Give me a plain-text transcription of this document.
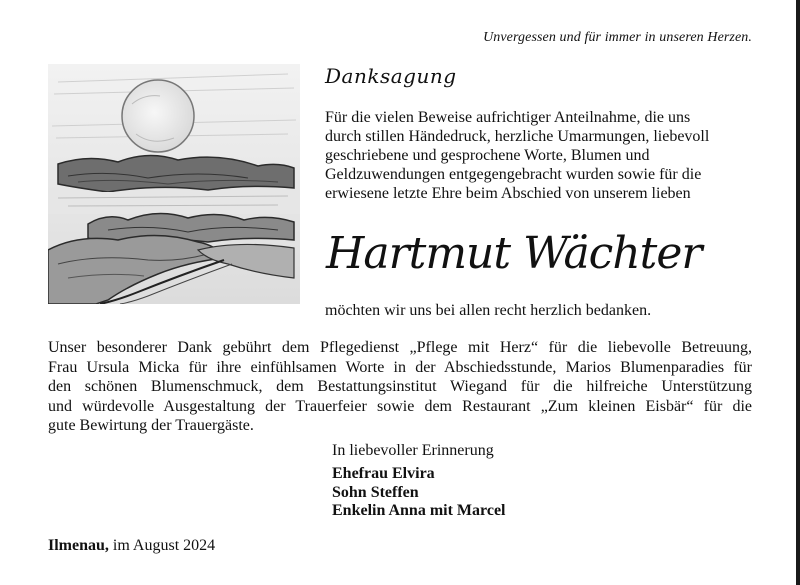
Unvergessen und für immer in unseren Herzen.
Danksagung
Für die vielen Beweise aufrichtiger Anteilnahme, die uns
durch stillen Händedruck, herzliche Umarmungen, liebevoll
geschriebene und gesprochene Worte, Blumen und
Geldzuwendungen entgegengebracht wurden sowie für die
erwiesene letzte Ehre beim Abschied von unserem lieben
Hartmut Wächter
möchten wir uns bei allen recht herzlich bedanken.
Unser besonderer Dank gebührt dem Pflegedienst „Pflege mit Herz“ für die liebevolle Betreuung,
Frau Ursula Micka für ihre einfühlsamen Worte in der Abschiedsstunde, Marios Blumenparadies für
den schönen Blumenschmuck, dem Bestattungsinstitut Wiegand für die hilfreiche Unterstützung
und würdevolle Ausgestaltung der Trauerfeier sowie dem Restaurant „Zum kleinen Eisbär“ für die
gute Bewirtung der Trauergäste.
In liebevoller Erinnerung
Ehefrau Elvira
Sohn Steffen
Enkelin Anna mit Marcel
Ilmenau, im August 2024
